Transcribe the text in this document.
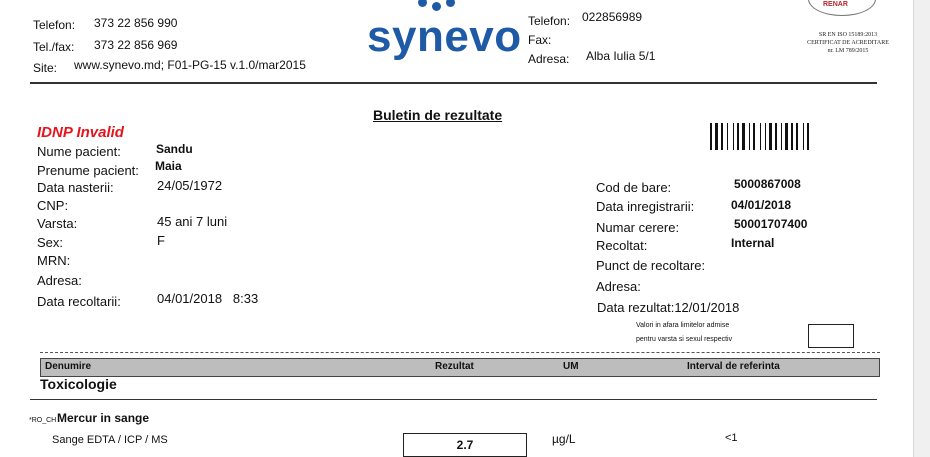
Telefon: 373 22 856 990
Tel./fax: 373 22 856 969
Site: www.synevo.md; F01-PG-15 v.1.0/mar2015
synevo Telefon: 022856989
Fax:
Adresa: Alba Iulia 5/1
RENAR
SR EN ISO 15189:2013
CERTIFICAT DE ACREDITARE
nr. LM 789/2015
Buletin de rezultate
IDNP Invalid
Nume pacient:	Sandu
Prenume pacient: Maia
Data nasterii:	24/05/1972
CNP:
Varsta:	45 ani 7 luni
Sex:	F
MRN:
Adresa:
Data recoltarii:	04/01/2018   8:33
Cod de bare:	5000867008
Data inregistrarii:	04/01/2018
Numar cerere:	50001707400
Recoltat:	Internal
Punct de recoltare:
Adresa:
Data rezultat:12/01/2018
Valori in afara limitelor admise
pentru varsta si sexul respectiv
Denumire	Rezultat	UM	Interval de referinta
Toxicologie
*RO_CH Mercur in sange
Sange EDTA / ICP / MS	2.7	µg/L	<1
